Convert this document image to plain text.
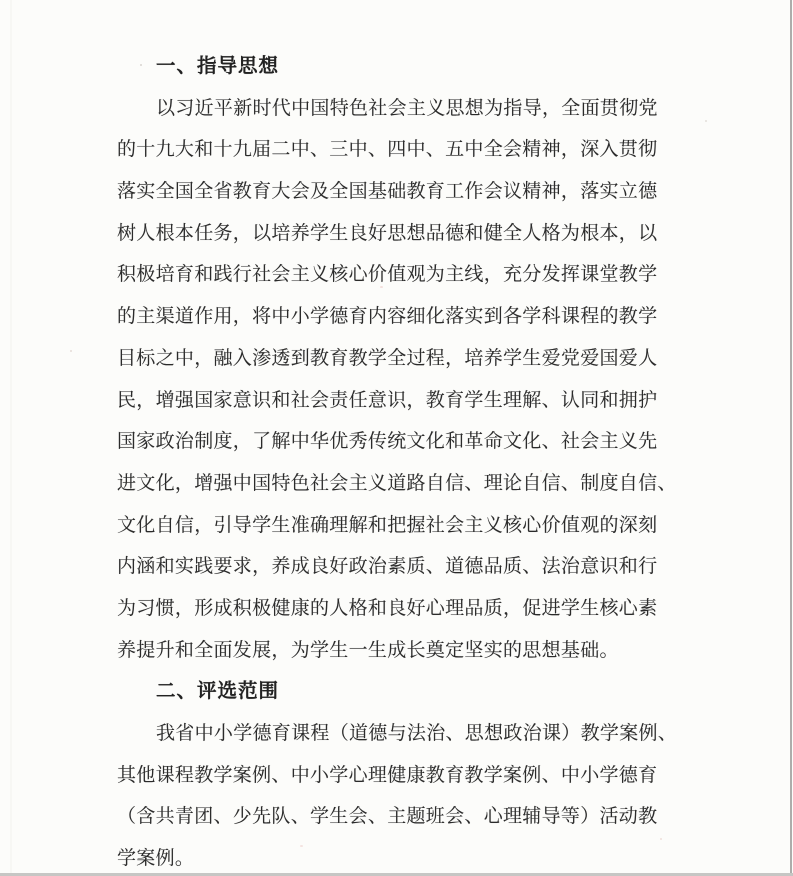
一、指导思想
以习近平新时代中国特色社会主义思想为指导，全面贯彻党
的十九大和十九届二中、三中、四中、五中全会精神，深入贯彻
落实全国全省教育大会及全国基础教育工作会议精神，落实立德
树人根本任务，以培养学生良好思想品德和健全人格为根本，以
积极培育和践行社会主义核心价值观为主线，充分发挥课堂教学
的主渠道作用，将中小学德育内容细化落实到各学科课程的教学
目标之中，融入渗透到教育教学全过程，培养学生爱党爱国爱人
民，增强国家意识和社会责任意识，教育学生理解、认同和拥护
国家政治制度，了解中华优秀传统文化和革命文化、社会主义先
进文化，增强中国特色社会主义道路自信、理论自信、制度自信、
文化自信，引导学生准确理解和把握社会主义核心价值观的深刻
内涵和实践要求，养成良好政治素质、道德品质、法治意识和行
为习惯，形成积极健康的人格和良好心理品质，促进学生核心素
养提升和全面发展，为学生一生成长奠定坚实的思想基础。
二、评选范围
我省中小学德育课程（道德与法治、思想政治课）教学案例、
其他课程教学案例、中小学心理健康教育教学案例、中小学德育
（含共青团、少先队、学生会、主题班会、心理辅导等）活动教
学案例。
